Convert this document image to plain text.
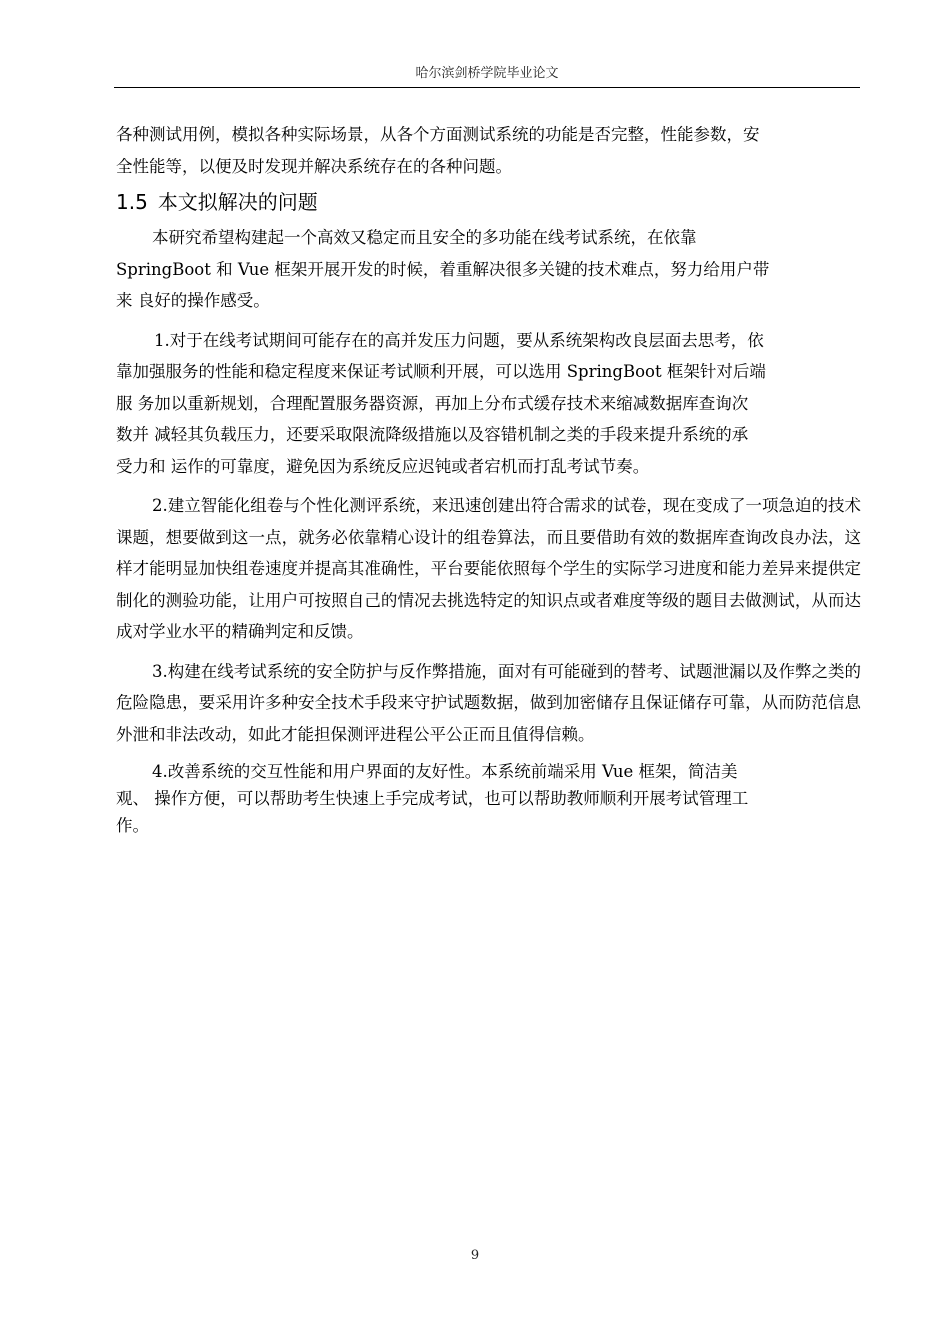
哈尔滨剑桥学院毕业论文

各种测试用例，模拟各种实际场景，从各个方面测试系统的功能是否完整，性能参数，安
全性能等，以便及时发现并解决系统存在的各种问题。

1.5 本文拟解决的问题

本研究希望构建起一个高效又稳定而且安全的多功能在线考试系统，在依靠
SpringBoot 和 Vue 框架开展开发的时候，着重解决很多关键的技术难点，努力给用户带
来 良好的操作感受。

1.对于在线考试期间可能存在的高并发压力问题，要从系统架构改良层面去思考，依
靠加强服务的性能和稳定程度来保证考试顺利开展，可以选用 SpringBoot 框架针对后端
服 务加以重新规划，合理配置服务器资源，再加上分布式缓存技术来缩减数据库查询次
数并 减轻其负载压力，还要采取限流降级措施以及容错机制之类的手段来提升系统的承
受力和 运作的可靠度，避免因为系统反应迟钝或者宕机而打乱考试节奏。

2.建立智能化组卷与个性化测评系统，来迅速创建出符合需求的试卷，现在变成了一项急迫的技术课题，想要做到这一点，就务必依靠精心设计的组卷算法，而且要借助有效的数据库查询改良办法，这样才能明显加快组卷速度并提高其准确性，平台要能依照每个学生的实际学习进度和能力差异来提供定制化的测验功能，让用户可按照自己的情况去挑选特定的知识点或者难度等级的题目去做测试，从而达成对学业水平的精确判定和反馈。

3.构建在线考试系统的安全防护与反作弊措施，面对有可能碰到的替考、试题泄漏以及作弊之类的危险隐患，要采用许多种安全技术手段来守护试题数据，做到加密储存且保证储存可靠，从而防范信息外泄和非法改动，如此才能担保测评进程公平公正而且值得信赖。

4.改善系统的交互性能和用户界面的友好性。本系统前端采用 Vue 框架，简洁美
观、 操作方便，可以帮助考生快速上手完成考试，也可以帮助教师顺利开展考试管理工
作。

9
